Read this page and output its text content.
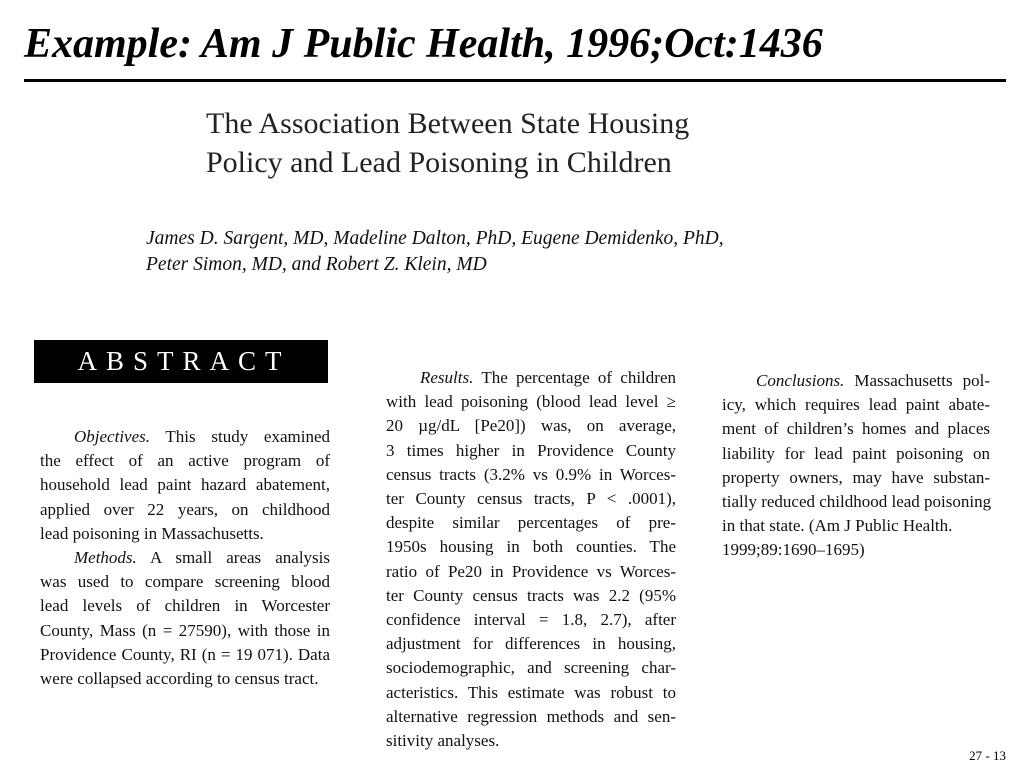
Example: Am J Public Health, 1996;Oct:1436
The Association Between State Housing
Policy and Lead Poisoning in Children
James D. Sargent, MD, Madeline Dalton, PhD, Eugene Demidenko, PhD,
Peter Simon, MD, and Robert Z. Klein, MD
ABSTRACT
Objectives. This study examined
the effect of an active program of
household lead paint hazard abatement,
applied over 22 years, on childhood
lead poisoning in Massachusetts.
Methods. A small areas analysis
was used to compare screening blood
lead levels of children in Worcester
County, Mass (n = 27590), with those in
Providence County, RI (n = 19 071). Data
were collapsed according to census tract.
Results. The percentage of children
with lead poisoning (blood lead level ≥
20 µg/dL [Pe20]) was, on average,
3 times higher in Providence County
census tracts (3.2% vs 0.9% in Worces-
ter County census tracts, P < .0001),
despite similar percentages of pre-
1950s housing in both counties. The
ratio of Pe20 in Providence vs Worces-
ter County census tracts was 2.2 (95%
confidence interval = 1.8, 2.7), after
adjustment for differences in housing,
sociodemographic, and screening char-
acteristics. This estimate was robust to
alternative regression methods and sen-
sitivity analyses.
Conclusions. Massachusetts pol-
icy, which requires lead paint abate-
ment of children’s homes and places
liability for lead paint poisoning on
property owners, may have substan-
tially reduced childhood lead poisoning
in that state. (Am J Public Health.
1999;89:1690–1695)
27 - 13
